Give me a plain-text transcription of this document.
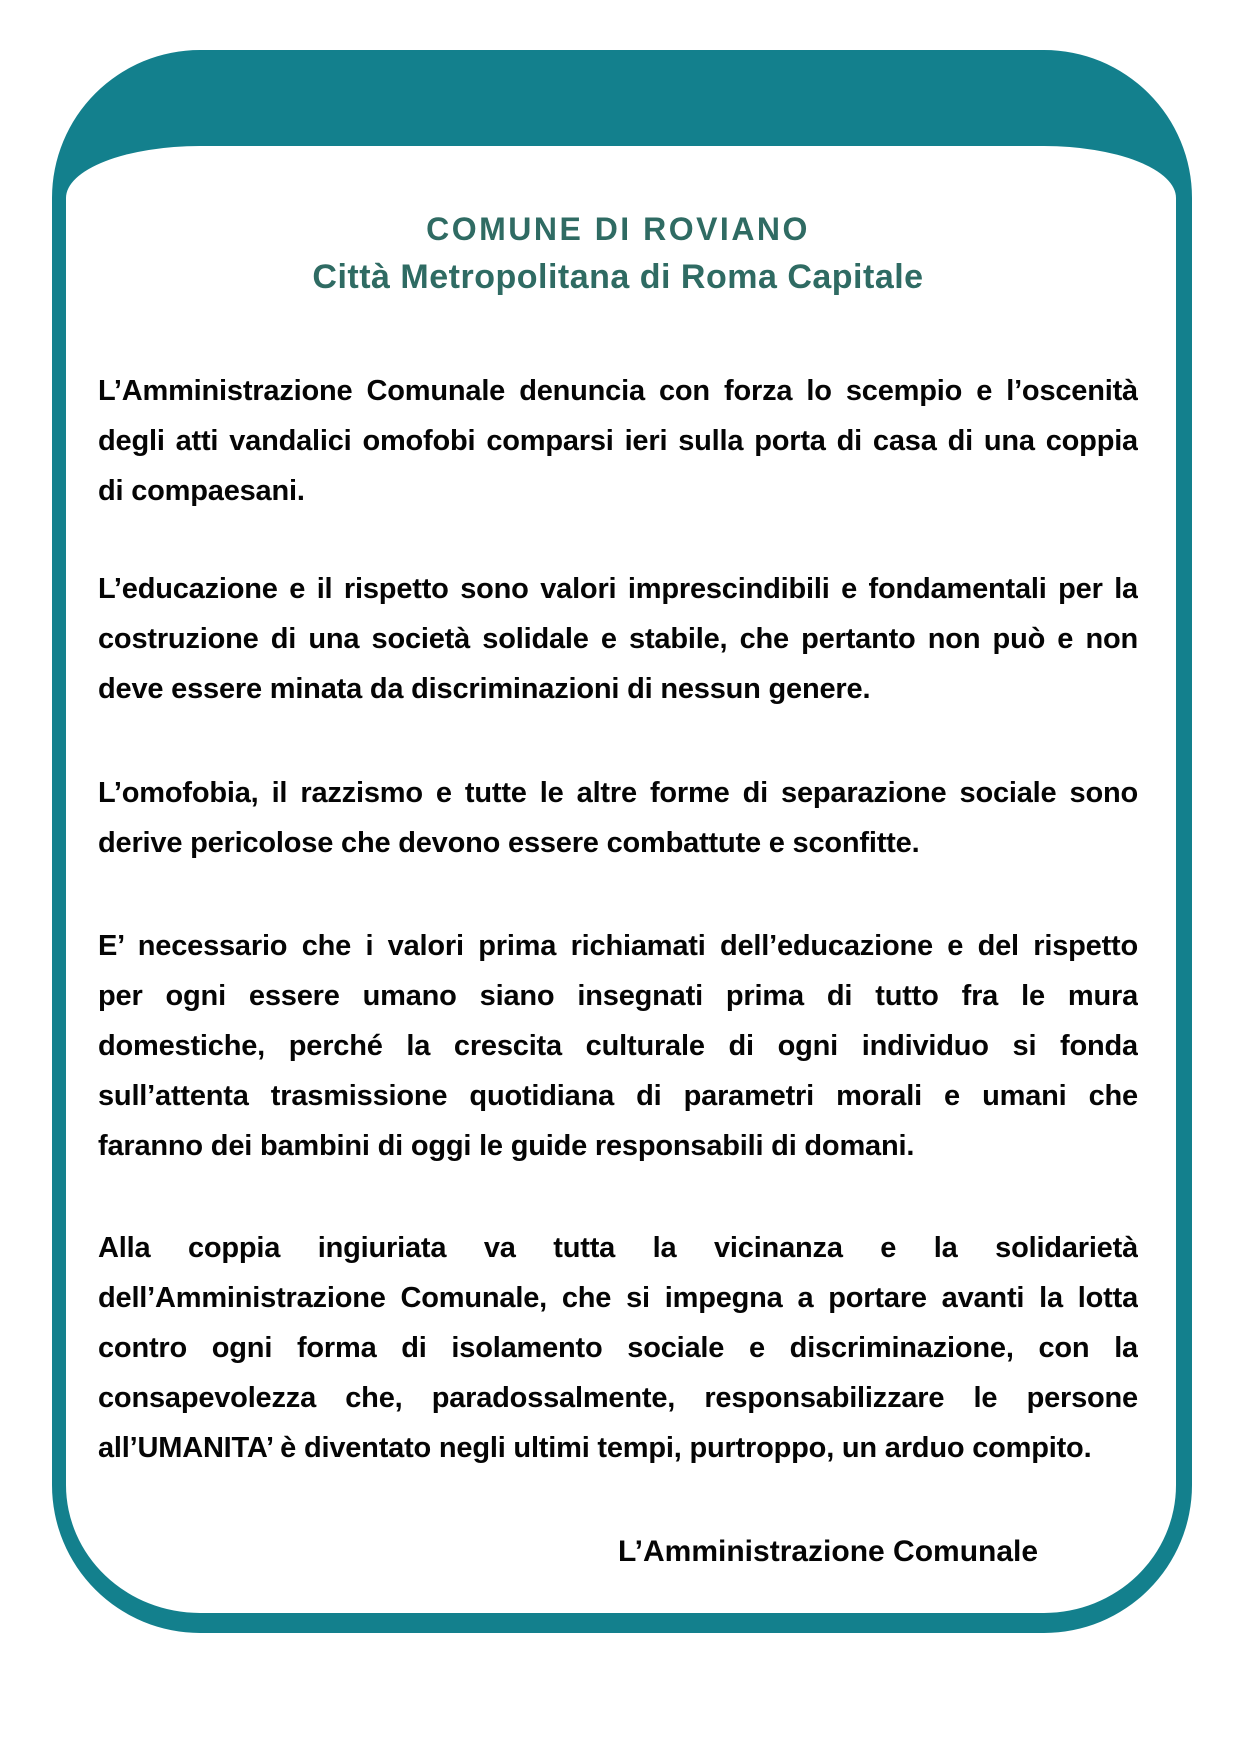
COMUNE DI ROVIANO
Città Metropolitana di Roma Capitale
L’Amministrazione Comunale denuncia con forza lo scempio e l’oscenità
degli atti vandalici omofobi comparsi ieri sulla porta di casa di una coppia
di compaesani.
L’educazione e il rispetto sono valori imprescindibili e fondamentali per la
costruzione di una società solidale e stabile, che pertanto non può e non
deve essere minata da discriminazioni di nessun genere.
L’omofobia, il razzismo e tutte le altre forme di separazione sociale sono
derive pericolose che devono essere combattute e sconfitte.
E’ necessario che i valori prima richiamati dell’educazione e del rispetto
per ogni essere umano siano insegnati prima di tutto fra le mura
domestiche, perché la crescita culturale di ogni individuo si fonda
sull’attenta trasmissione quotidiana di parametri morali e umani che
faranno dei bambini di oggi le guide responsabili di domani.
Alla coppia ingiuriata va tutta la vicinanza e la solidarietà
dell’Amministrazione Comunale, che si impegna a portare avanti la lotta
contro ogni forma di isolamento sociale e discriminazione, con la
consapevolezza che, paradossalmente, responsabilizzare le persone
all’UMANITA’ è diventato negli ultimi tempi, purtroppo, un arduo compito.
L’Amministrazione Comunale
